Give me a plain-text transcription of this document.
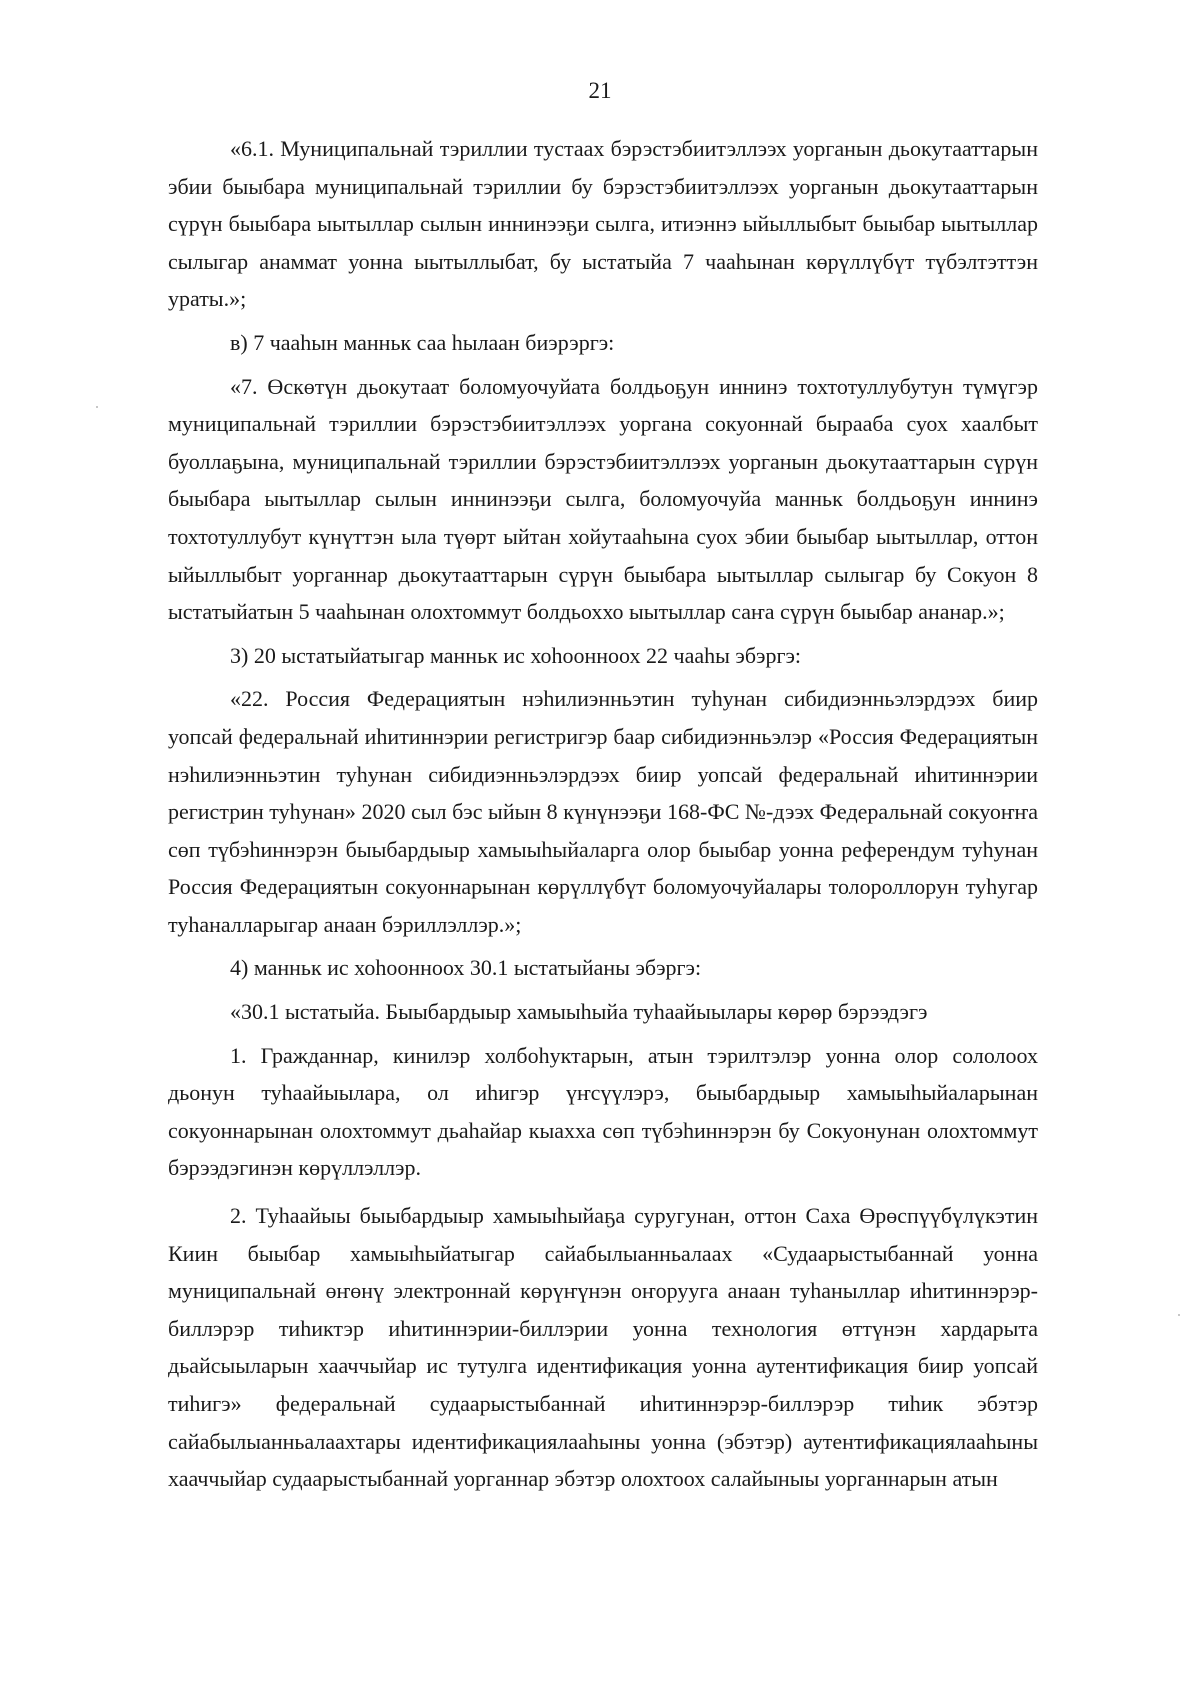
21

«6.1. Муниципальнай тэриллии тустаах бэрэстэбиитэллээх уорганын дьокутааттарын эбии быыбара муниципальнай тэриллии бу бэрэстэбиитэллээх уорганын дьокутааттарын сүрүн быыбара ыытыллар сылын иннинээҕи сылга, итиэннэ ыйыллыбыт быыбар ыытыллар сылыгар анаммат уонна ыытыллыбат, бу ыстатыйа 7 чааһынан көрүллүбүт түбэлтэттэн ураты.»;

в) 7 чааһын манньк саа һылаан биэрэргэ:

«7. Өскөтүн дьокутаат боломуочуйата болдьоҕун иннинэ тохтотуллубутун түмүгэр муниципальнай тэриллии бэрэстэбиитэллээх уоргана сокуоннай бырааба суох хаалбыт буоллаҕына, муниципальнай тэриллии бэрэстэбиитэллээх уорганын дьокутааттарын сүрүн быыбара ыытыллар сылын иннинээҕи сылга, боломуочуйа манньк болдьоҕун иннинэ тохтотуллубут күнүттэн ыла түөрт ыйтан хойутааһына суох эбии быыбар ыытыллар, оттон ыйыллыбыт уорганнар дьокутааттарын сүрүн быыбара ыытыллар сылыгар бу Сокуон 8 ыстатыйатын 5 чааһынан олохтоммут болдьоххо ыытыллар саҥа сүрүн быыбар ананар.»;

3) 20 ыстатыйатыгар манньк ис хоһоонноох 22 чааһы эбэргэ:

«22. Россия Федерациятын нэһилиэнньэтин туһунан сибидиэнньэлэрдээх биир уопсай федеральнай иһитиннэрии регистригэр баар сибидиэнньэлэр «Россия Федерациятын нэһилиэнньэтин туһунан сибидиэнньэлэрдээх биир уопсай федеральнай иһитиннэрии регистрин туһунан» 2020 сыл бэс ыйын 8 күнүнээҕи 168-ФС №-дээх Федеральнай сокуоҥҥа сөп түбэһиннэрэн быыбардыыр хамыыһыйаларга олор быыбар уонна референдум туһунан Россия Федерациятын сокуоннарынан көрүллүбүт боломуочуйалары толороллорун туһугар туһаналларыгар анаан бэриллэллэр.»;

4) манньк ис хоһоонноох 30.1 ыстатыйаны эбэргэ:

«30.1 ыстатыйа. Быыбардыыр хамыыһыйа туһаайыылары көрөр бэрээдэгэ

1. Гражданнар, кинилэр холбоһуктарын, атын тэрилтэлэр уонна олор сололоох дьонун туһаайыылара, ол иһигэр үҥсүүлэрэ, быыбардыыр хамыыһыйаларынан сокуоннарынан олохтоммут дьаһайар кыахха сөп түбэһиннэрэн бу Сокуонунан олохтоммут бэрээдэгинэн көрүллэллэр.

2. Туһаайыы быыбардыыр хамыыһыйаҕа суругунан, оттон Саха Өрөспүүбүлүкэтин Киин быыбар хамыыһыйатыгар сайабылыанньалаах «Судаарыстыбаннай уонна муниципальнай өҥөнү электроннай көрүҥүнэн оҥоруугa анаан туһаныллар иһитиннэрэр-биллэрэр тиһиктэр иһитиннэрии-биллэрии уонна технология өттүнэн хардарыта дьайсыыларын хааччыйар ис тутулга идентификация уонна аутентификация биир уопсай тиһигэ» федеральнай судаарыстыбаннай иһитиннэрэр-биллэрэр тиһик эбэтэр сайабылыанньалаахтары идентификациялааһыны уонна (эбэтэр) аутентификациялааһыны хааччыйар судаарыстыбаннай уорганнар эбэтэр олохтоох салайыныы уорганнарын атын
